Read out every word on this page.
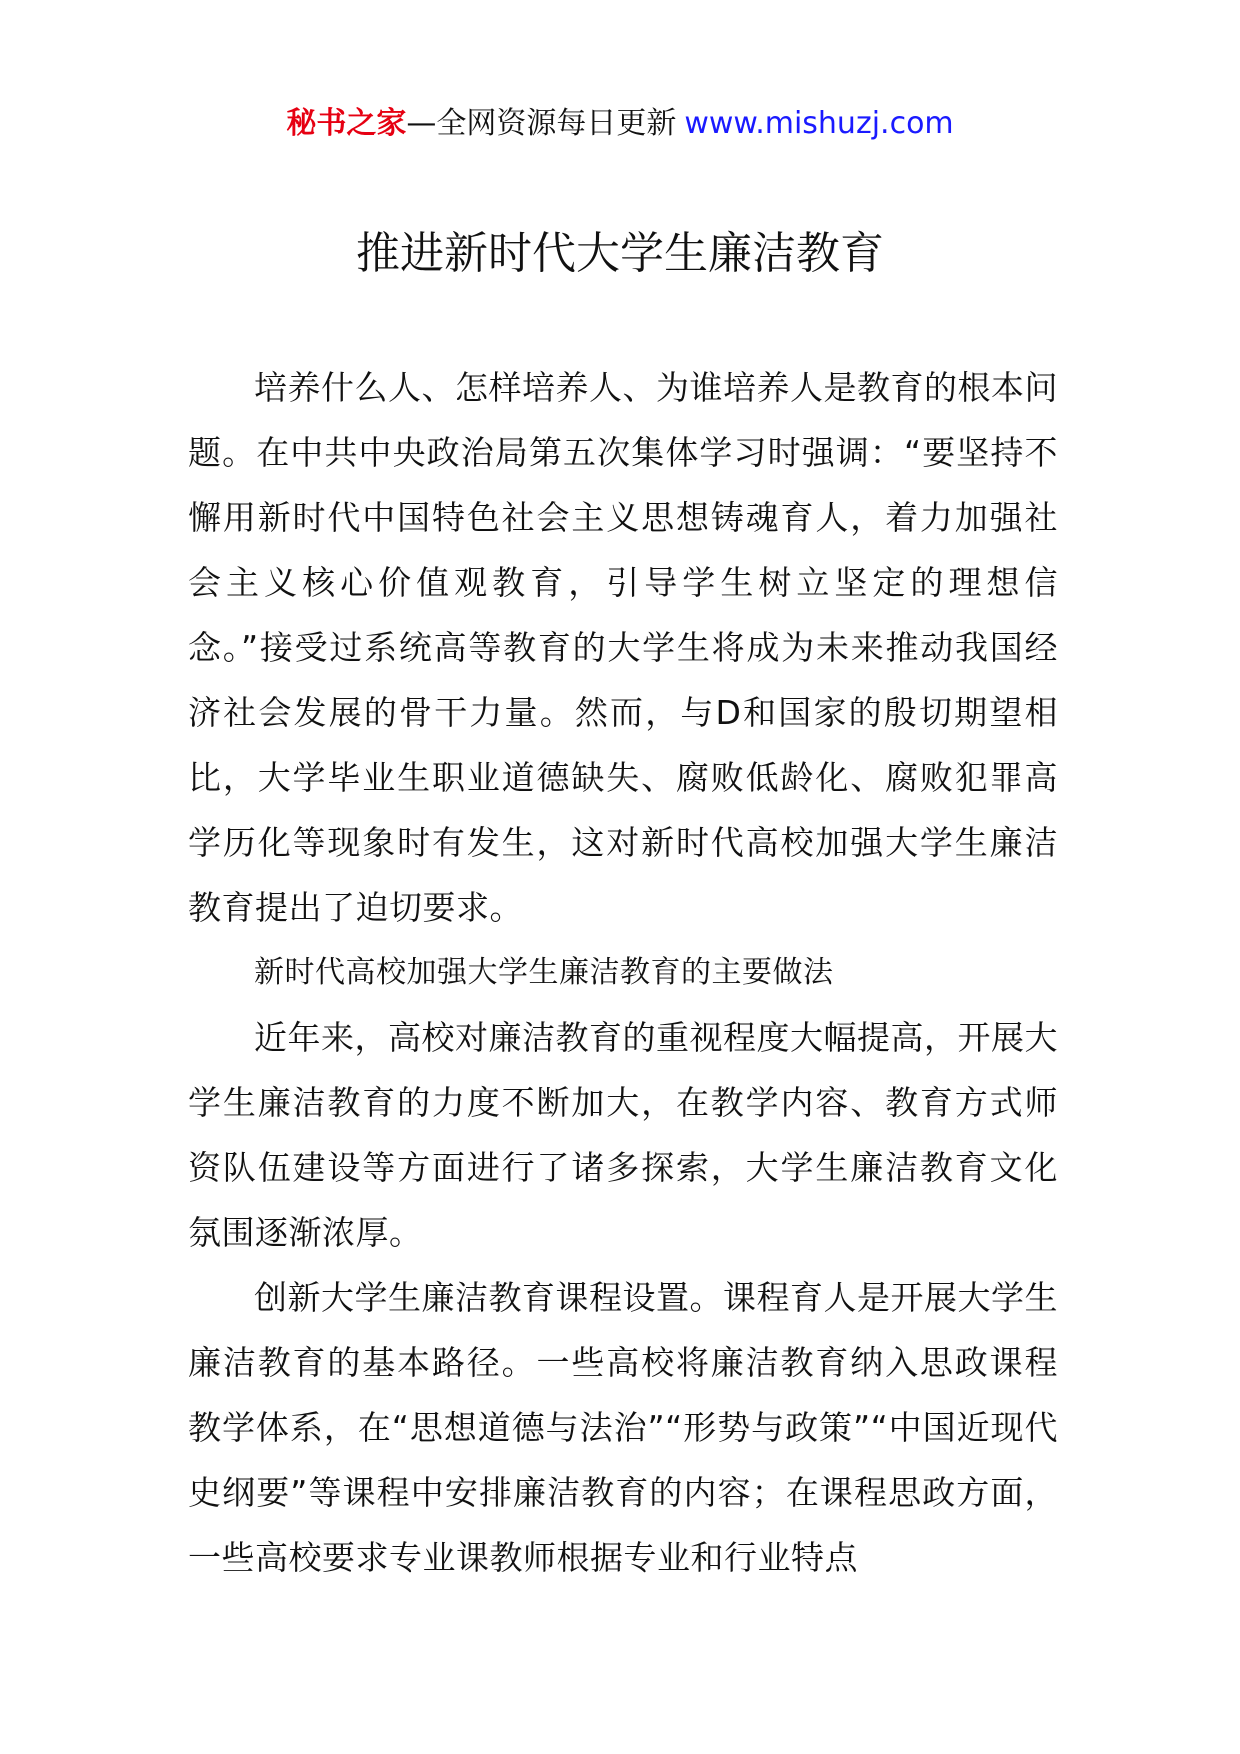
秘书之家—全网资源每日更新 www.mishuzj.com
推进新时代大学生廉洁教育

培养什么人、怎样培养人、为谁培养人是教育的根本问题。在中共中央政治局第五次集体学习时强调：“要坚持不懈用新时代中国特色社会主义思想铸魂育人，着力加强社会主义核心价值观教育，引导学生树立坚定的理想信念。”接受过系统高等教育的大学生将成为未来推动我国经济社会发展的骨干力量。然而，与D和国家的殷切期望相比，大学毕业生职业道德缺失、腐败低龄化、腐败犯罪高学历化等现象时有发生，这对新时代高校加强大学生廉洁教育提出了迫切要求。

新时代高校加强大学生廉洁教育的主要做法

近年来，高校对廉洁教育的重视程度大幅提高，开展大学生廉洁教育的力度不断加大，在教学内容、教育方式师资队伍建设等方面进行了诸多探索，大学生廉洁教育文化氛围逐渐浓厚。

创新大学生廉洁教育课程设置。课程育人是开展大学生廉洁教育的基本路径。一些高校将廉洁教育纳入思政课程教学体系，在“思想道德与法治”“形势与政策”“中国近现代史纲要”等课程中安排廉洁教育的内容；在课程思政方面，一些高校要求专业课教师根据专业和行业特点
